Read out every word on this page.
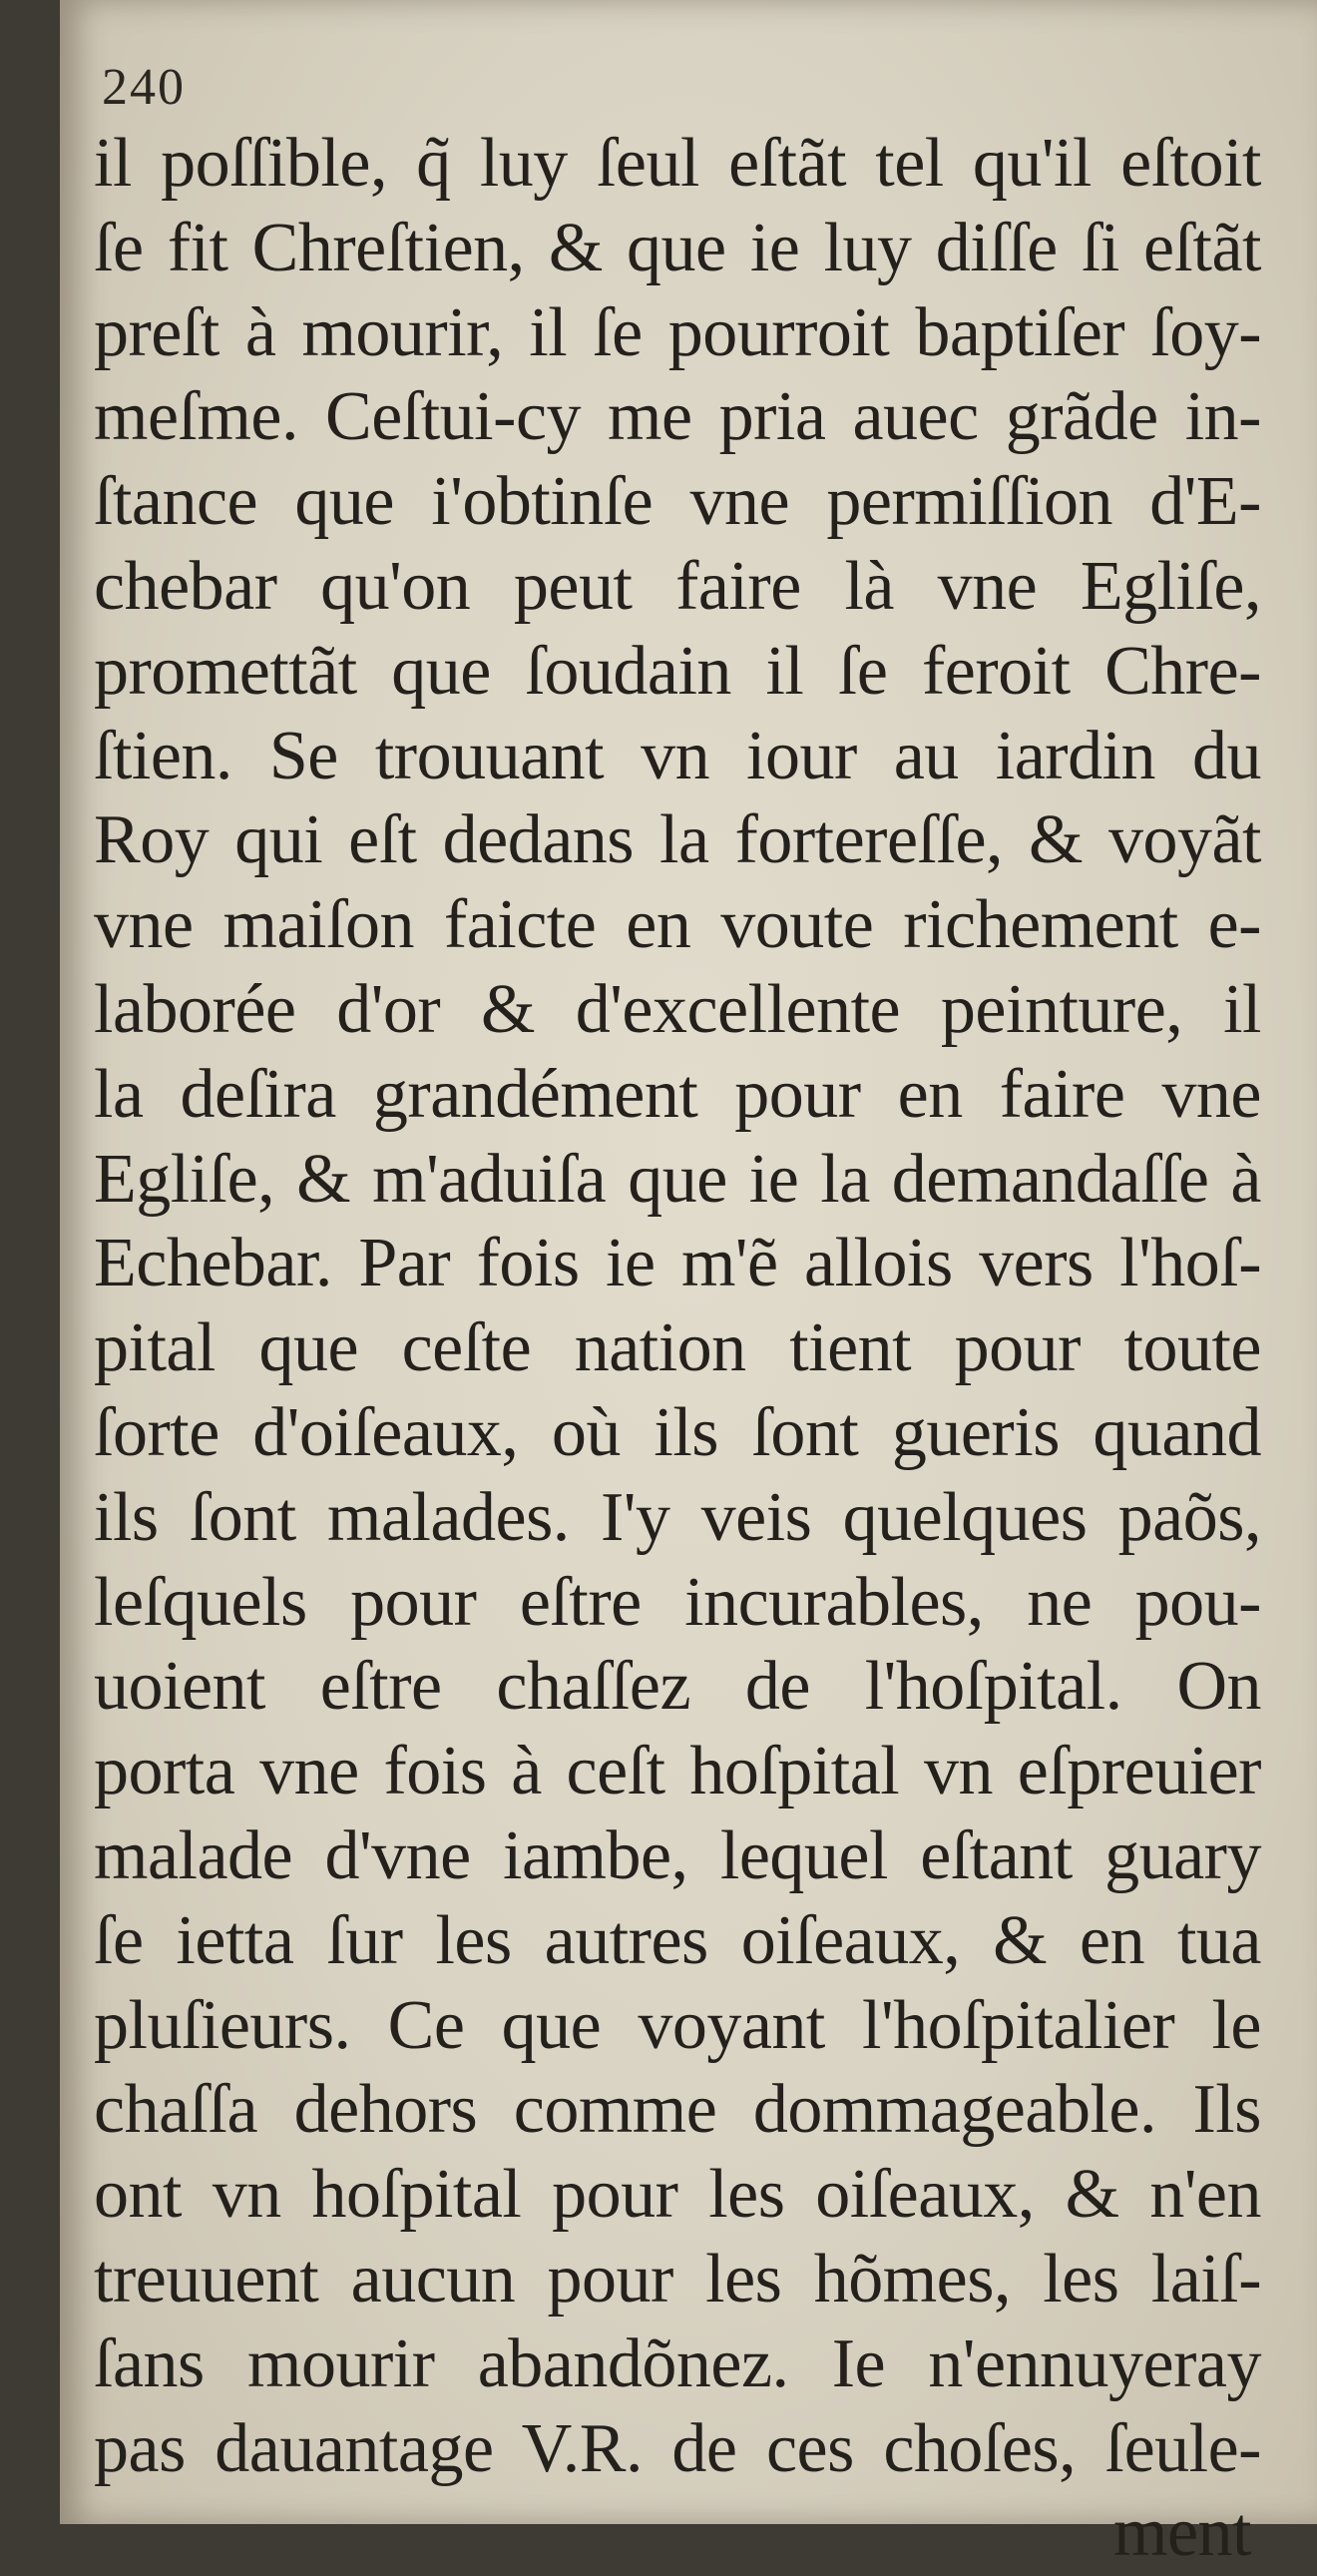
240
il poſſible, q̃ luy ſeul eſtãt tel qu'il eſtoit
ſe fit Chreſtien, & que ie luy diſſe ſi eſtãt
preſt à mourir, il ſe pourroit baptiſer ſoy-
meſme. Ceſtui-cy me pria auec grãde in-
ſtance que i'obtinſe vne permiſſion d'E-
chebar qu'on peut faire là vne Egliſe,
promettãt que ſoudain il ſe feroit Chre-
ſtien. Se trouuant vn iour au iardin du
Roy qui eſt dedans la fortereſſe, & voyãt
vne maiſon faicte en voute richement e-
laborée d'or & d'excellente peinture, il
la deſira grandément pour en faire vne
Egliſe, & m'aduiſa que ie la demandaſſe à
Echebar. Par fois ie m'ẽ allois vers l'hoſ-
pital que ceſte nation tient pour toute
ſorte d'oiſeaux, où ils ſont gueris quand
ils ſont malades. I'y veis quelques paõs,
leſquels pour eſtre incurables, ne pou-
uoient eſtre chaſſez de l'hoſpital. On
porta vne fois à ceſt hoſpital vn eſpreuier
malade d'vne iambe, lequel eſtant guary
ſe ietta ſur les autres oiſeaux, & en tua
pluſieurs. Ce que voyant l'hoſpitalier le
chaſſa dehors comme dommageable. Ils
ont vn hoſpital pour les oiſeaux, & n'en
treuuent aucun pour les hõmes, les laiſ-
ſans mourir abandõnez. Ie n'ennuyeray
pas dauantage V.R. de ces choſes, ſeule-
ment
